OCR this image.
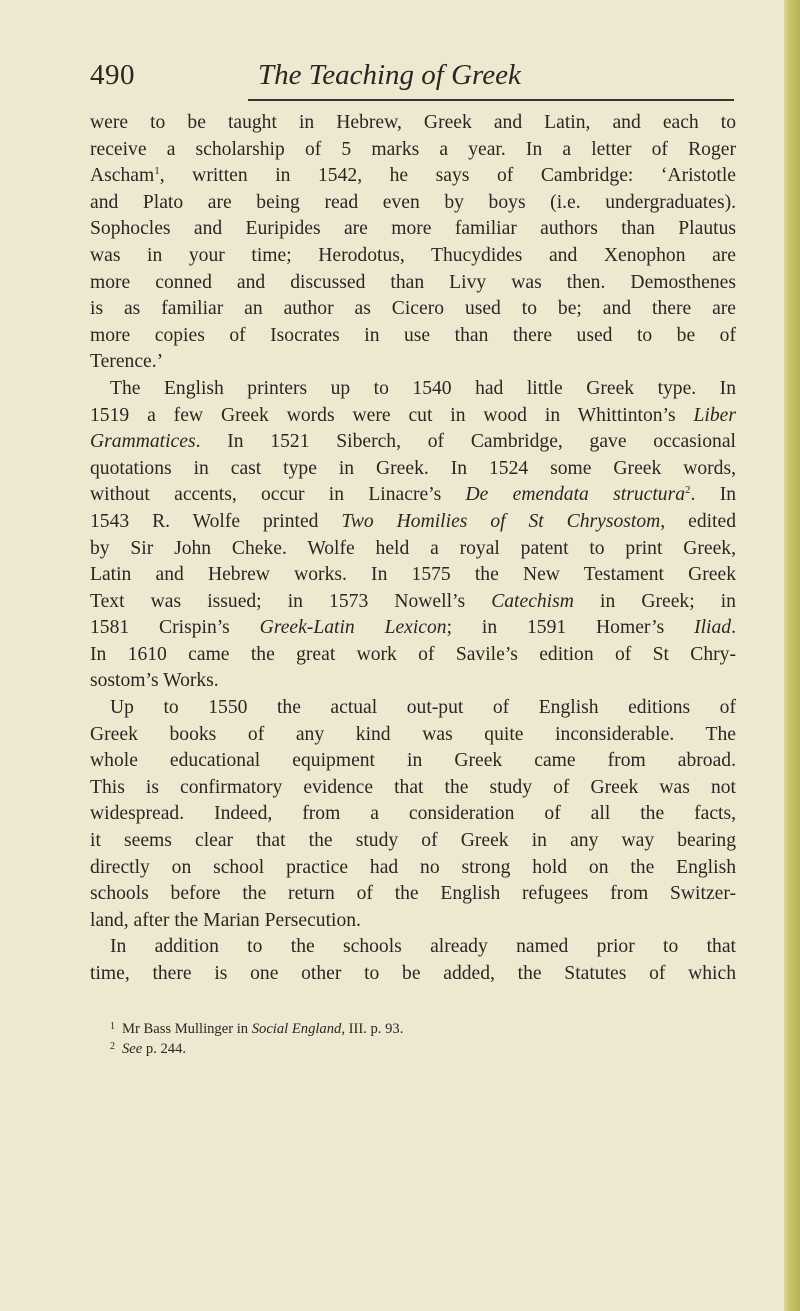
490	The Teaching of Greek
were to be taught in Hebrew, Greek and Latin, and each to
receive a scholarship of 5 marks a year. In a letter of Roger
Ascham$^1$, written in 1542, he says of Cambridge: ‘Aristotle
and Plato are being read even by boys (i.e. undergraduates).
Sophocles and Euripides are more familiar authors than Plautus
was in your time; Herodotus, Thucydides and Xenophon are
more conned and discussed than Livy was then. Demosthenes
is as familiar an author as Cicero used to be; and there are
more copies of Isocrates in use than there used to be of
Terence.’
The English printers up to 1540 had little Greek type. In
1519 a few Greek words were cut in wood in Whittinton’s Liber
Grammatices. In 1521 Siberch, of Cambridge, gave occasional
quotations in cast type in Greek. In 1524 some Greek words,
without accents, occur in Linacre’s De emendata structura$^2$. In
1543 R. Wolfe printed Two Homilies of St Chrysostom, edited
by Sir John Cheke. Wolfe held a royal patent to print Greek,
Latin and Hebrew works. In 1575 the New Testament Greek
Text was issued; in 1573 Nowell’s Catechism in Greek; in
1581 Crispin’s Greek-Latin Lexicon; in 1591 Homer’s Iliad.
In 1610 came the great work of Savile’s edition of St Chry-
sostom’s Works.
Up to 1550 the actual out-put of English editions of
Greek books of any kind was quite inconsiderable. The
whole educational equipment in Greek came from abroad.
This is confirmatory evidence that the study of Greek was not
widespread. Indeed, from a consideration of all the facts,
it seems clear that the study of Greek in any way bearing
directly on school practice had no strong hold on the English
schools before the return of the English refugees from Switzer-
land, after the Marian Persecution.
In addition to the schools already named prior to that
time, there is one other to be added, the Statutes of which
$^1$ Mr Bass Mullinger in Social England, III. p. 93.
$^2$ See p. 244.
